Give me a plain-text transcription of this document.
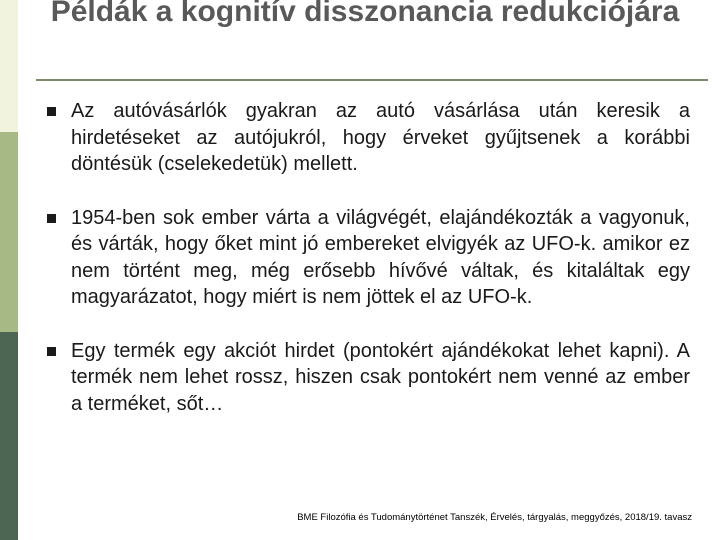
Példák a kognitív disszonancia redukciójára
Az autóvásárlók gyakran az autó vásárlása után keresik a hirdetéseket az autójukról, hogy érveket gyűjtsenek a korábbi döntésük (cselekedetük) mellett.
1954-ben sok ember várta a világvégét, elajándékozták a vagyonuk, és várták, hogy őket mint jó embereket elvigyék az UFO-k. amikor ez nem történt meg, még erősebb hívővé váltak, és kitaláltak egy magyarázatot, hogy miért is nem jöttek el az UFO-k.
Egy termék egy akciót hirdet (pontokért ajándékokat lehet kapni). A termék nem lehet rossz, hiszen csak pontokért nem venné az ember a terméket, sőt…
BME Filozófia és Tudománytörténet Tanszék, Érvelés, tárgyalás, meggyőzés, 2018/19. tavasz
